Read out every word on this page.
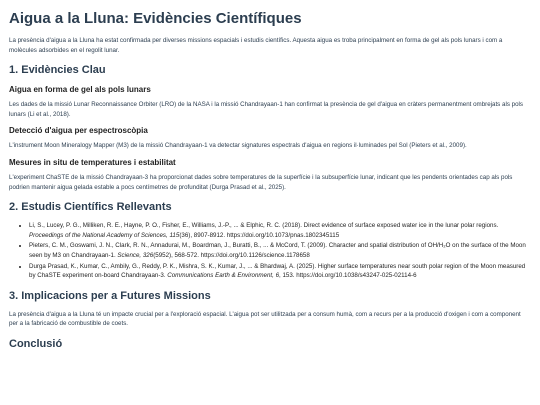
Aigua a la Lluna: Evidències Científiques

La presència d'aigua a la Lluna ha estat confirmada per diverses missions espacials i estudis científics. Aquesta aigua es troba principalment en forma de gel als pols lunars i com a molècules adsorbides en el regolit lunar.

1. Evidències Clau
Aigua en forma de gel als pols lunars

Les dades de la missió Lunar Reconnaissance Orbiter (LRO) de la NASA i la missió Chandrayaan-1 han confirmat la presència de gel d'aigua en cràters permanentment ombrejats als pols lunars (Li et al., 2018).

Detecció d'aigua per espectroscòpia

L'instrument Moon Mineralogy Mapper (M3) de la missió Chandrayaan-1 va detectar signatures espectrals d'aigua en regions il·luminades pel Sol (Pieters et al., 2009).

Mesures in situ de temperatures i estabilitat

L'experiment ChaSTE de la missió Chandrayaan-3 ha proporcionat dades sobre temperatures de la superfície i la subsuperfície lunar, indicant que les pendents orientades cap als pols podrien mantenir aigua gelada estable a pocs centímetres de profunditat (Durga Prasad et al., 2025).

2. Estudis Científics Rellevants
• Li, S., Lucey, P. G., Milliken, R. E., Hayne, P. O., Fisher, E., Williams, J.-P., ... & Elphic, R. C. (2018). Direct evidence of surface exposed water ice in the lunar polar regions. Proceedings of the National Academy of Sciences, 115(36), 8907-8912. https://doi.org/10.1073/pnas.1802345115
• Pieters, C. M., Goswami, J. N., Clark, R. N., Annadurai, M., Boardman, J., Buratti, B., ... & McCord, T. (2009). Character and spatial distribution of OH/H₂O on the surface of the Moon seen by M3 on Chandrayaan-1. Science, 326(5952), 568-572. https://doi.org/10.1126/science.1178658
• Durga Prasad, K., Kumar, C., Ambily, G., Reddy, P. K., Mishra, S. K., Kumar, J., ... & Bhardwaj, A. (2025). Higher surface temperatures near south polar region of the Moon measured by ChaSTE experiment on-board Chandrayaan-3. Communications Earth & Environment, 6, 153. https://doi.org/10.1038/s43247-025-02114-6
3. Implicacions per a Futures Missions

La presència d'aigua a la Lluna té un impacte crucial per a l'exploració espacial. L'aigua pot ser utilitzada per a consum humà, com a recurs per a la producció d'oxigen i com a component per a la fabricació de combustible de coets.

Conclusió
